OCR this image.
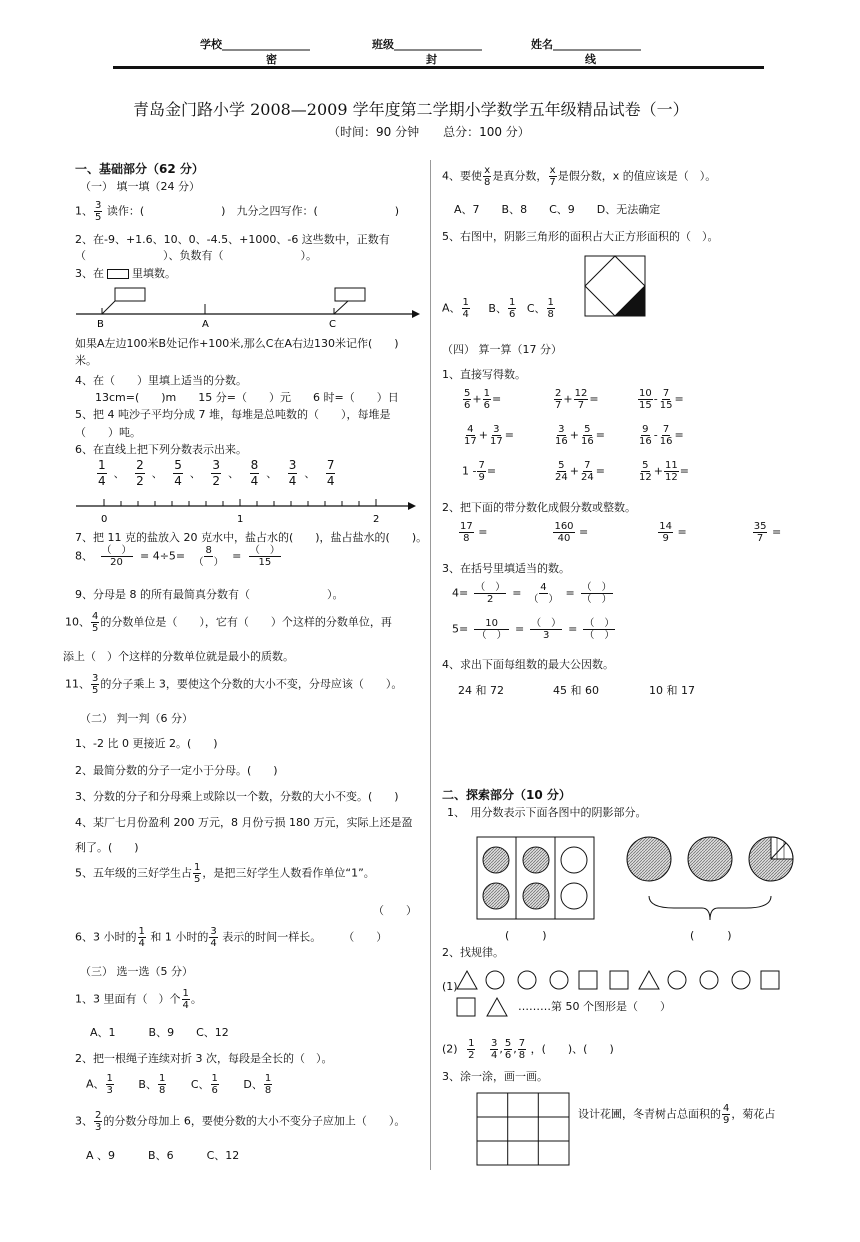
学校________________	班级________________	姓名________________
密	封	线
青岛金门路小学 2008—2009 学年度第二学期小学数学五年级精品试卷（一）
（时间：90 分钟　　总分：100 分）
一、基础部分（62 分）
（一） 填一填（24 分）
1、 $\frac{3}{5}$ 读作：(　　　　　　　)　九分之四写作：(　　　　　　　)
2、在-9、+1.6、10、0、-4.5、+1000、-6 这些数中，正数有
（　　　　　　　）、负数有（　　　　　　　）。
3、在	里填数。
B	A	C
如果A左边100米B处记作+100米,那么C在A右边130米记作(　　)
米。
4、在（　　）里填上适当的分数。
13cm=(　　)m　　15 分=（　　）元　　6 时=（　　）日
5、把 4 吨沙子平均分成 7 堆，每堆是总吨数的（　　），每堆是
（　　）吨。
6、在直线上把下列分数表示出来。
$\frac{1}{4}$ 、 $\frac{2}{2}$ 、 $\frac{5}{4}$ 、 $\frac{3}{2}$ 、 $\frac{8}{4}$ 、 $\frac{3}{4}$ 、 $\frac{7}{4}$
0	1	2
7、把 11 克的盐放入 20 克水中，盐占水的(　　)，盐占盐水的(　　)。
8、 $\frac{( )}{20} = 4\div 5= \frac{8}{( )} = \frac{( )}{15}$
9、分母是 8 的所有最简真分数有（　　　　　　　）。
10、 $\frac{4}{5}$ 的分数单位是（　　），它有（　　）个这样的分数单位，再
添上（　）个这样的分数单位就是最小的质数。
11、 $\frac{3}{5}$ 的分子乘上 3，要使这个分数的大小不变，分母应该（　　）。
（二） 判一判（6 分）
1、-2 比 0 更接近 2。(　　)
2、最简分数的分子一定小于分母。(　　)
3、分数的分子和分母乘上或除以一个数，分数的大小不变。(　　)
4、某厂七月份盈利 200 万元，8 月份亏损 180 万元，实际上还是盈
利了。(　　)
5、五年级的三好学生占 $\frac{1}{5}$ ，是把三好学生人数看作单位“1”。
（　　）
6、3 小时的 $\frac{1}{4}$ 和 1 小时的 $\frac{3}{4}$ 表示的时间一样长。　　　（　　）
（三） 选一选（5 分）
1、3 里面有（　）个 $\frac{1}{4}$ 。
A、1　　　B、9　　C、12
2、把一根绳子连续对折 3 次，每段是全长的（　）。
A、 $\frac{1}{3}$ B、 $\frac{1}{8}$ C、 $\frac{1}{6}$ D、 $\frac{1}{8}$
3、 $\frac{2}{3}$ 的分数分母加上 6，要使分数的大小不变分子应加上（　　）。
A 、9　　　B、6　　　C、12
4、要使 $\frac{x}{8}$ 是真分数， $\frac{x}{7}$ 是假分数，x 的值应该是（　）。
A、7　　B、8　　C、9　　D、无法确定
5、右图中，阴影三角形的面积占大正方形面积的（　）。
A、 $\frac{1}{4}$ B、 $\frac{1}{6}$ C、 $\frac{1}{8}$
（四） 算一算（17 分）
1、直接写得数。
$\frac{5}{6} + \frac{1}{6}$ =	$\frac{2}{7} + \frac{12}{7}$ =	$\frac{10}{15} - \frac{7}{15}$ =
$\frac{4}{17} + \frac{3}{17}$ =	$\frac{3}{16} + \frac{5}{16}$ =	$\frac{9}{16} - \frac{7}{16}$ =
$1 - \frac{7}{9}$ =	$\frac{5}{24} + \frac{7}{24}$ =	$\frac{5}{12} + \frac{11}{12}$ =
2、把下面的带分数化成假分数或整数。
$\frac{17}{8}$ =	$\frac{160}{40}$ =	$\frac{14}{9}$ =	$\frac{35}{7}$ =
3、在括号里填适当的数。
$4= \frac{( )}{2} = \frac{4}{( )} = \frac{( )}{( )}$
5= 　$\frac{10}{( )} = \frac{( )}{3} = \frac{( )}{( )}$
4、求出下面每组数的最大公因数。
24 和 72	45 和 60	10 和 17
二、探索部分（10 分）
1、　用分数表示下面各图中的阴影部分。
(　　　)	(　　　)
2、找规律。
(1)
………第 50 个图形是（　　）
$(2) \frac{1}{2}$
$\frac{3}{4}$ , $\frac{5}{6}$ , $\frac{7}{8}$ ，(　　)、(　　)
3、涂一涂，画一画。
设计花圃，冬青树占总面积的 $\frac{4}{9}$ ，菊花占
